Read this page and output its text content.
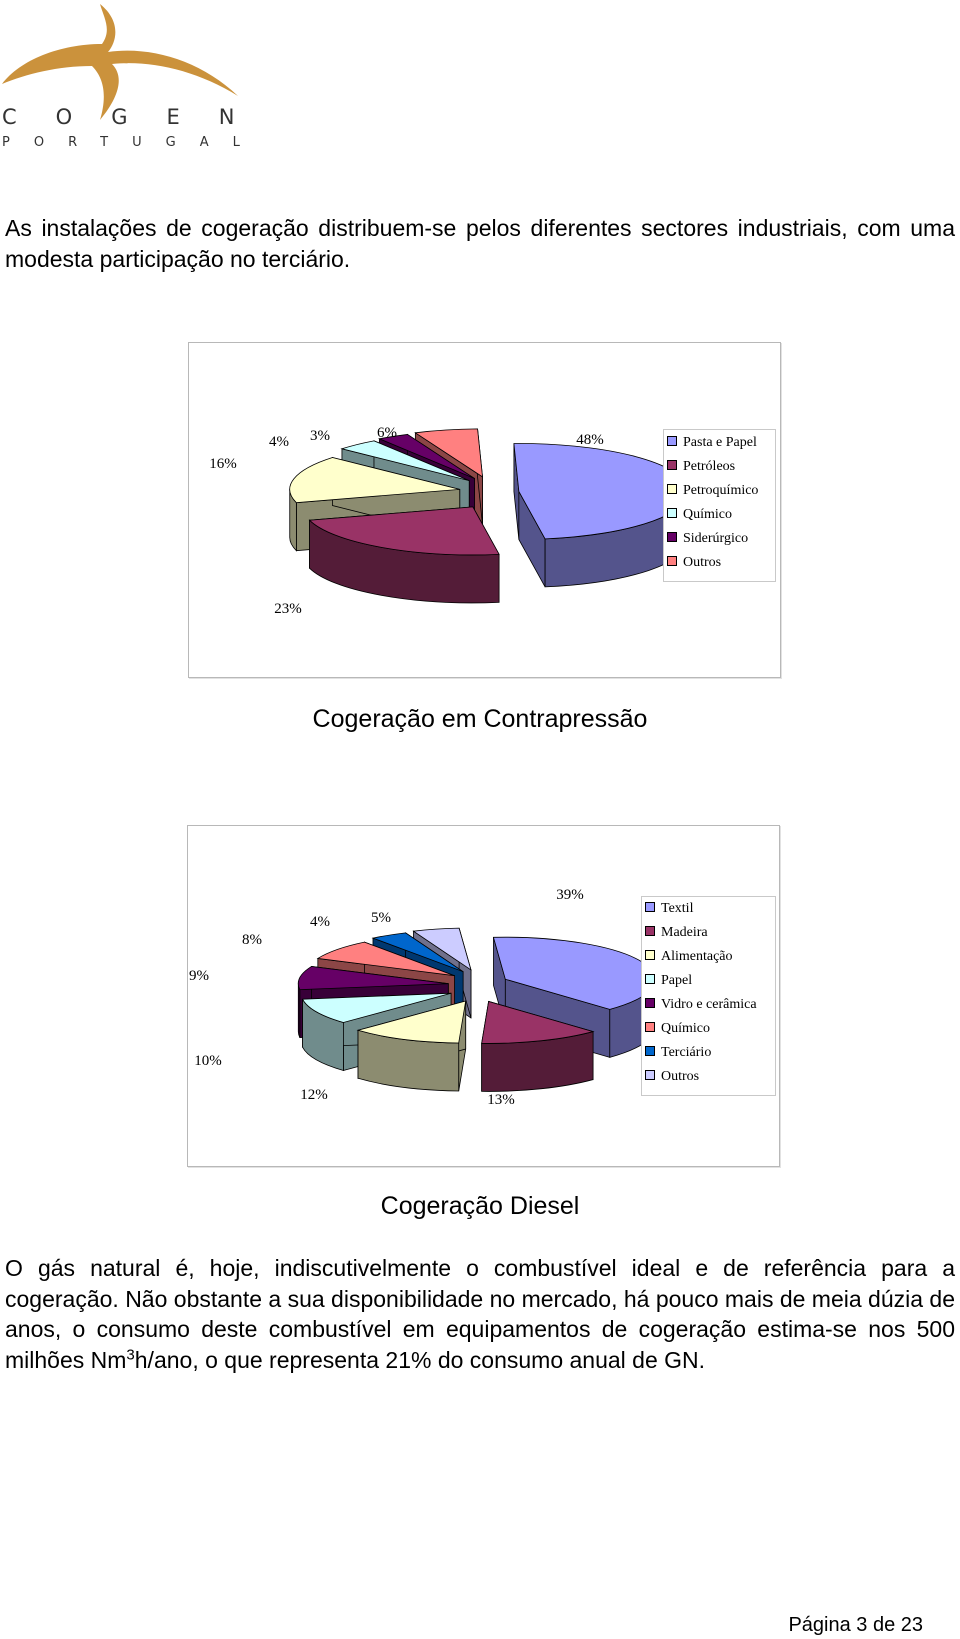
COGEN
PORTUGAL
As instalações de cogeração distribuem-se pelos diferentes sectores industriais, com uma modesta participação no terciário.
48%
23%
16%
4% 3%	6%
Pasta e Papel
Petróleos
Petroquímico
Químico
Siderúrgico
Outros
Cogeração em Contrapressão
39%
13%
12%
10%
9%
8%
4%	5%
Textil
Madeira
Alimentação
Papel
Vidro e cerâmica
Químico
Terciário
Outros
Cogeração Diesel
O gás natural é, hoje, indiscutivelmente o combustível ideal e de referência para a cogeração. Não obstante a sua disponibilidade no mercado, há pouco mais de meia dúzia de anos, o consumo deste combustível em equipamentos de cogeração estima-se nos 500 milhões Nm$^3$h/ano, o que representa 21% do consumo anual de GN.
Página 3 de 23
